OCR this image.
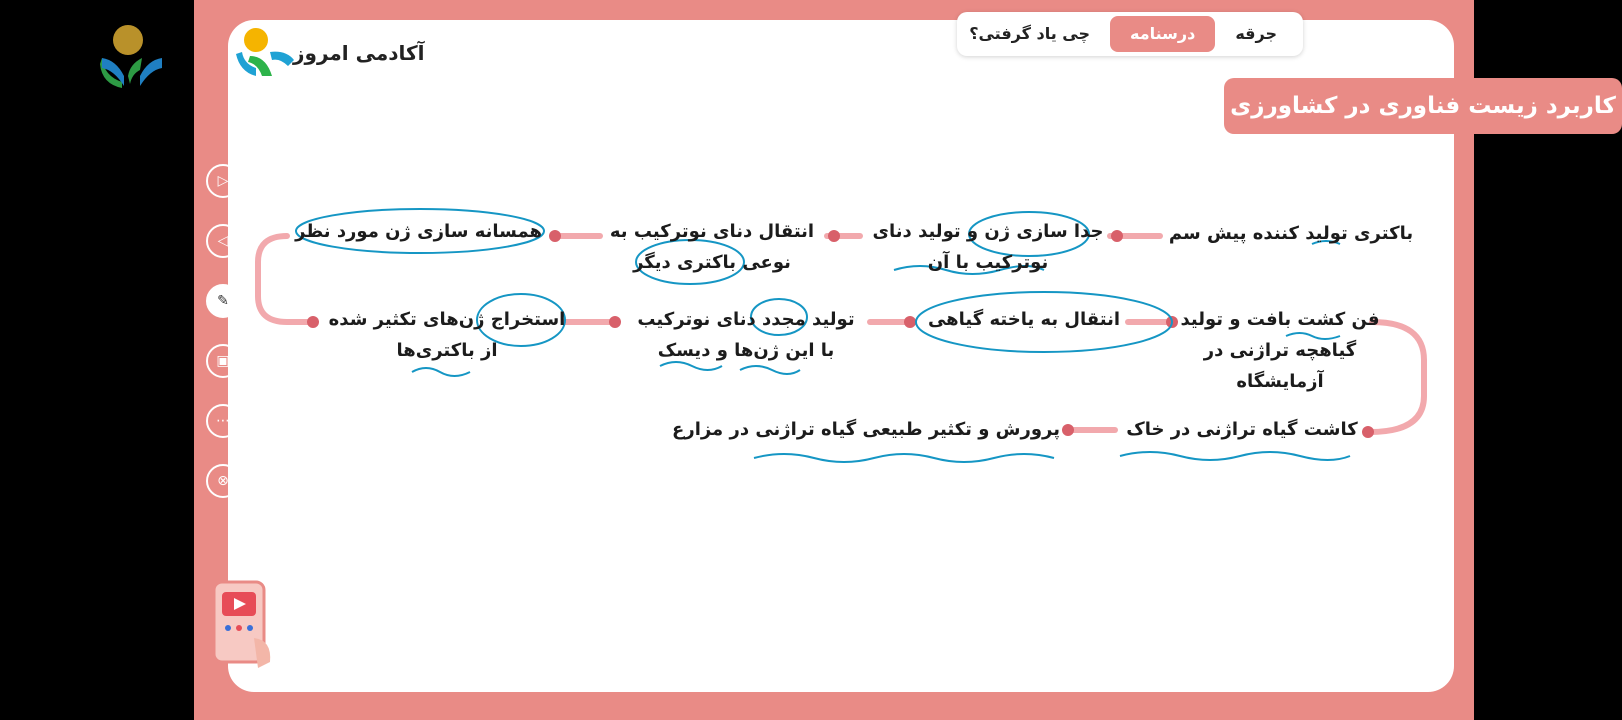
جرقه
درسنامه
چی یاد گرفتی؟
کاربرد زیست فناوری در کشاورزی
آکادمی امروز
▷
◁
✎
▣
⋯
⊗
باکتری تولید کننده پیش سم
جدا سازی ژن و تولید دنای
نوترکیب با آن
انتقال دنای نوترکیب به
نوعی باکتری دیگر
همسانه سازی ژن مورد نظر
استخراج ژن‌های تکثیر شده
از باکتری‌ها
تولید مجدد دنای نوترکیب
با این ژن‌ها و دیسک
انتقال به یاخته گیاهی	فن کشت بافت و تولید
گیاهچه تراژنی در
آزمایشگاه
کاشت گیاه تراژنی در خاک
پرورش و تکثیر طبیعی گیاه تراژنی در مزارع
